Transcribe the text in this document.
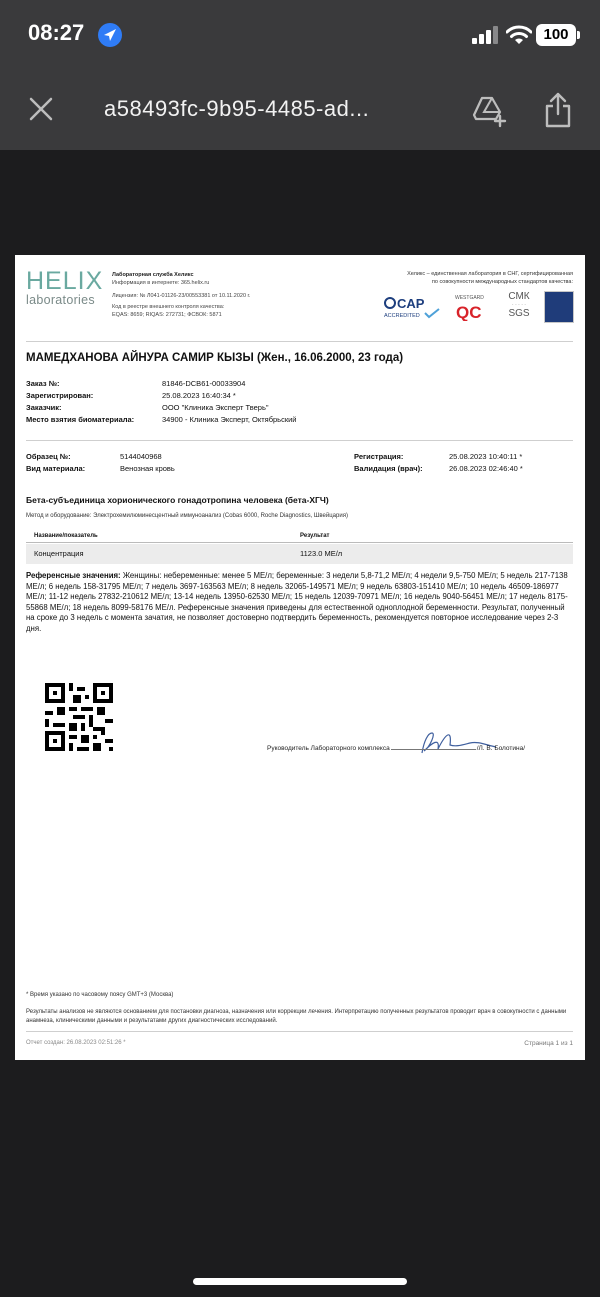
08:27	100
a58493fc-9b95-4485-ad...
HELIX
laboratories
Лабораторная служба Хеликс
Информация в интернете: 365.helix.ru
Лицензия: № Л041-01126-23/00553381 от 10.11.2020 г.
Код в реестре внешнего контроля качества:
EQAS: 8659; RIQAS: 272731; ФСВОК: 5871
Хеликс – единственная лаборатория в СНГ, сертифицированная
по совокупности международных стандартов качества:
CAP
ACCREDITED
WESTGARD
QC
СМК
· · · · ·
SGS
МАМЕДХАНОВА АЙНУРА САМИР КЫЗЫ (Жен., 16.06.2000, 23 года)
Заказ №:	81846-DCB61-00033904
Зарегистрирован:	25.08.2023 16:40:34 *
Заказчик:	ООО "Клиника Эксперт Тверь"
Место взятия биоматериала:	34900 - Клиника Эксперт, Октябрьский
Образец №:	5144040968
Вид материала:	Венозная кровь
Регистрация:	25.08.2023 10:40:11 *
Валидация (врач):	26.08.2023 02:46:40 *
Бета-субъединица хорионического гонадотропина человека (бета-ХГЧ)
Метод и оборудование: Электрохемилюминесцентный иммуноанализ (Cobas 6000, Roche Diagnostics, Швейцария)
Название/показатель	Результат
Концентрация	1123.0 МЕ/л
Референсные значения: Женщины: небеременные: менее 5 МЕ/л; беременные: 3 недели 5,8-71,2 МЕ/л; 4 недели 9,5-750 МЕ/л; 5 недель 217-7138 МЕ/л; 6 недель 158-31795 МЕ/л; 7 недель 3697-163563 МЕ/л; 8 недель 32065-149571 МЕ/л; 9 недель 63803-151410 МЕ/л; 10 недель 46509-186977 МЕ/л; 11-12 недель 27832-210612 МЕ/л; 13-14 недель 13950-62530 МЕ/л; 15 недель 12039-70971 МЕ/л; 16 недель 9040-56451 МЕ/л; 17 недель 8175-55868 МЕ/л; 18 недель 8099-58176 МЕ/л. Референсные значения приведены для естественной одноплодной беременности. Результат, полученный на сроке до 3 недель с момента зачатия, не позволяет достоверно подтвердить беременность, рекомендуется повторное исследование через 2-3 дня.
Руководитель Лабораторного комплекса	/Л. В. Болотина/
* Время указано по часовому поясу GMT+3 (Москва)
Результаты анализов не являются основанием для постановки диагноза, назначения или коррекции лечения. Интерпретацию полученных результатов проводит врач в совокупности с данными анамнеза, клиническими данными и результатами других диагностических исследований.
Отчет создан: 26.08.2023 02:51:26 *	Страница 1 из 1
